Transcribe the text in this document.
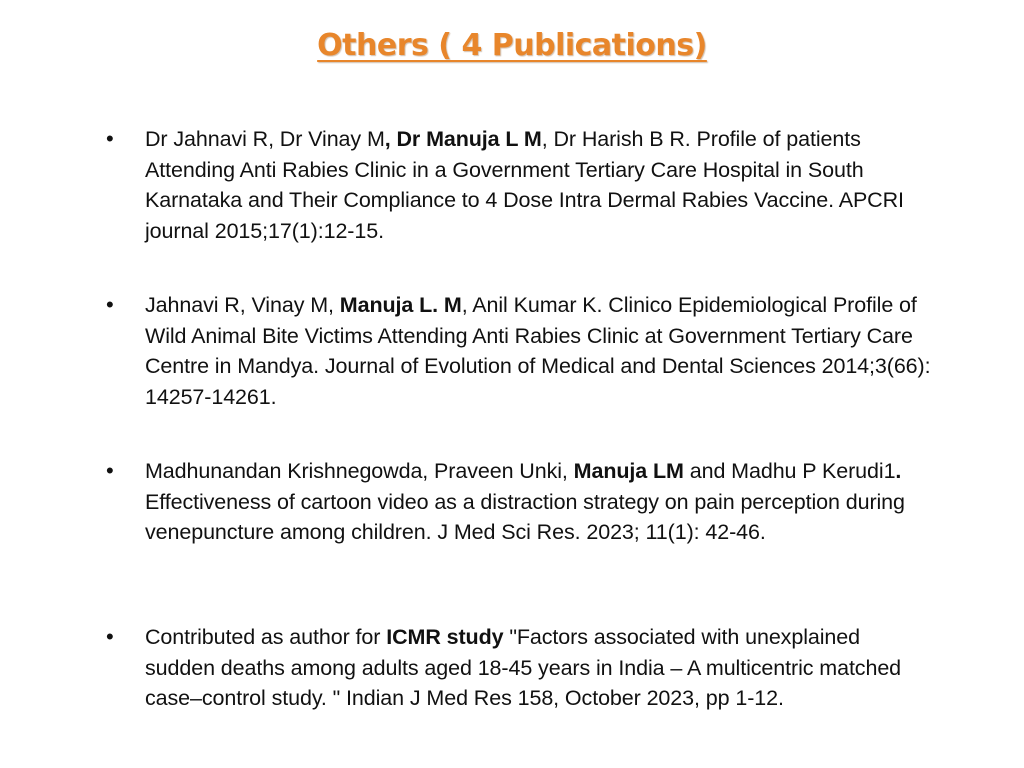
Others ( 4 Publications)
• Dr Jahnavi R, Dr Vinay M, Dr Manuja L M, Dr Harish B R. Profile of patients Attending Anti Rabies Clinic in a Government Tertiary Care Hospital in South Karnataka and Their Compliance to 4 Dose Intra Dermal Rabies Vaccine. APCRI journal 2015;17(1):12-15.

• Jahnavi R, Vinay M, Manuja L. M, Anil Kumar K. Clinico Epidemiological Profile of Wild Animal Bite Victims Attending Anti Rabies Clinic at Government Tertiary Care Centre in Mandya. Journal of Evolution of Medical and Dental Sciences 2014;3(66): 14257-14261.

• Madhunandan Krishnegowda, Praveen Unki, Manuja LM and Madhu P Kerudi1. Effectiveness of cartoon video as a distraction strategy on pain perception during venepuncture among children. J Med Sci Res. 2023; 11(1): 42-46.

• Contributed as author for ICMR study "Factors associated with unexplained sudden deaths among adults aged 18-45 years in India – A multicentric matched case–control study. " Indian J Med Res 158, October 2023, pp 1-12.
